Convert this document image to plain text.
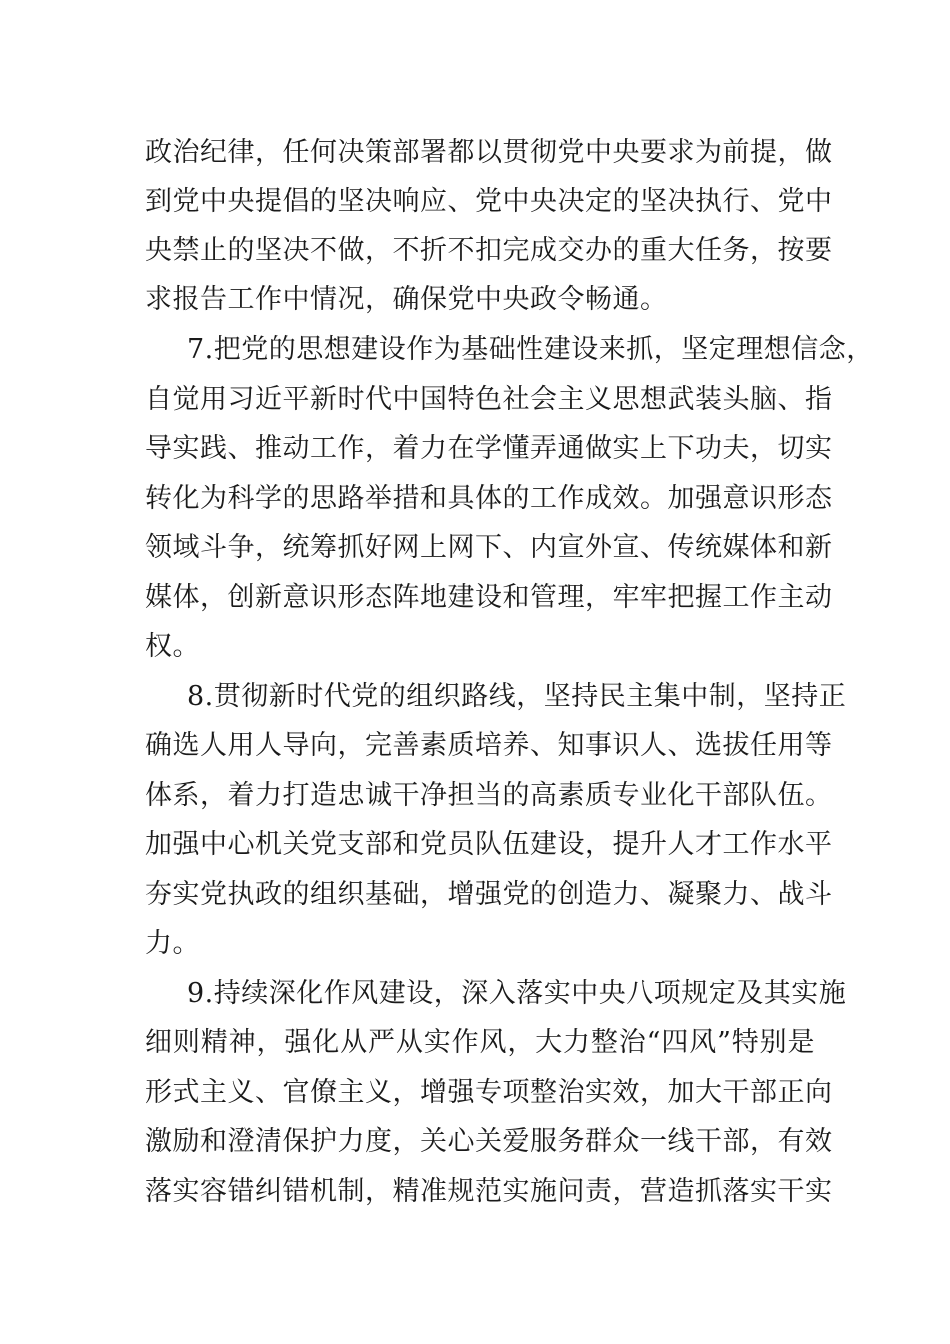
政治纪律，任何决策部署都以贯彻党中央要求为前提，做
到党中央提倡的坚决响应、党中央决定的坚决执行、党中
央禁止的坚决不做，不折不扣完成交办的重大任务，按要
求报告工作中情况，确保党中央政令畅通。
7.把党的思想建设作为基础性建设来抓，坚定理想信念，
自觉用习近平新时代中国特色社会主义思想武装头脑、指
导实践、推动工作，着力在学懂弄通做实上下功夫，切实
转化为科学的思路举措和具体的工作成效。加强意识形态
领域斗争，统筹抓好网上网下、内宣外宣、传统媒体和新
媒体，创新意识形态阵地建设和管理，牢牢把握工作主动
权。
8.贯彻新时代党的组织路线，坚持民主集中制，坚持正
确选人用人导向，完善素质培养、知事识人、选拔任用等
体系，着力打造忠诚干净担当的高素质专业化干部队伍。
加强中心机关党支部和党员队伍建设，提升人才工作水平
夯实党执政的组织基础，增强党的创造力、凝聚力、战斗
力。
9.持续深化作风建设，深入落实中央八项规定及其实施
细则精神，强化从严从实作风，大力整治“四风”特别是
形式主义、官僚主义，增强专项整治实效，加大干部正向
激励和澄清保护力度，关心关爱服务群众一线干部，有效
落实容错纠错机制，精准规范实施问责，营造抓落实干实
